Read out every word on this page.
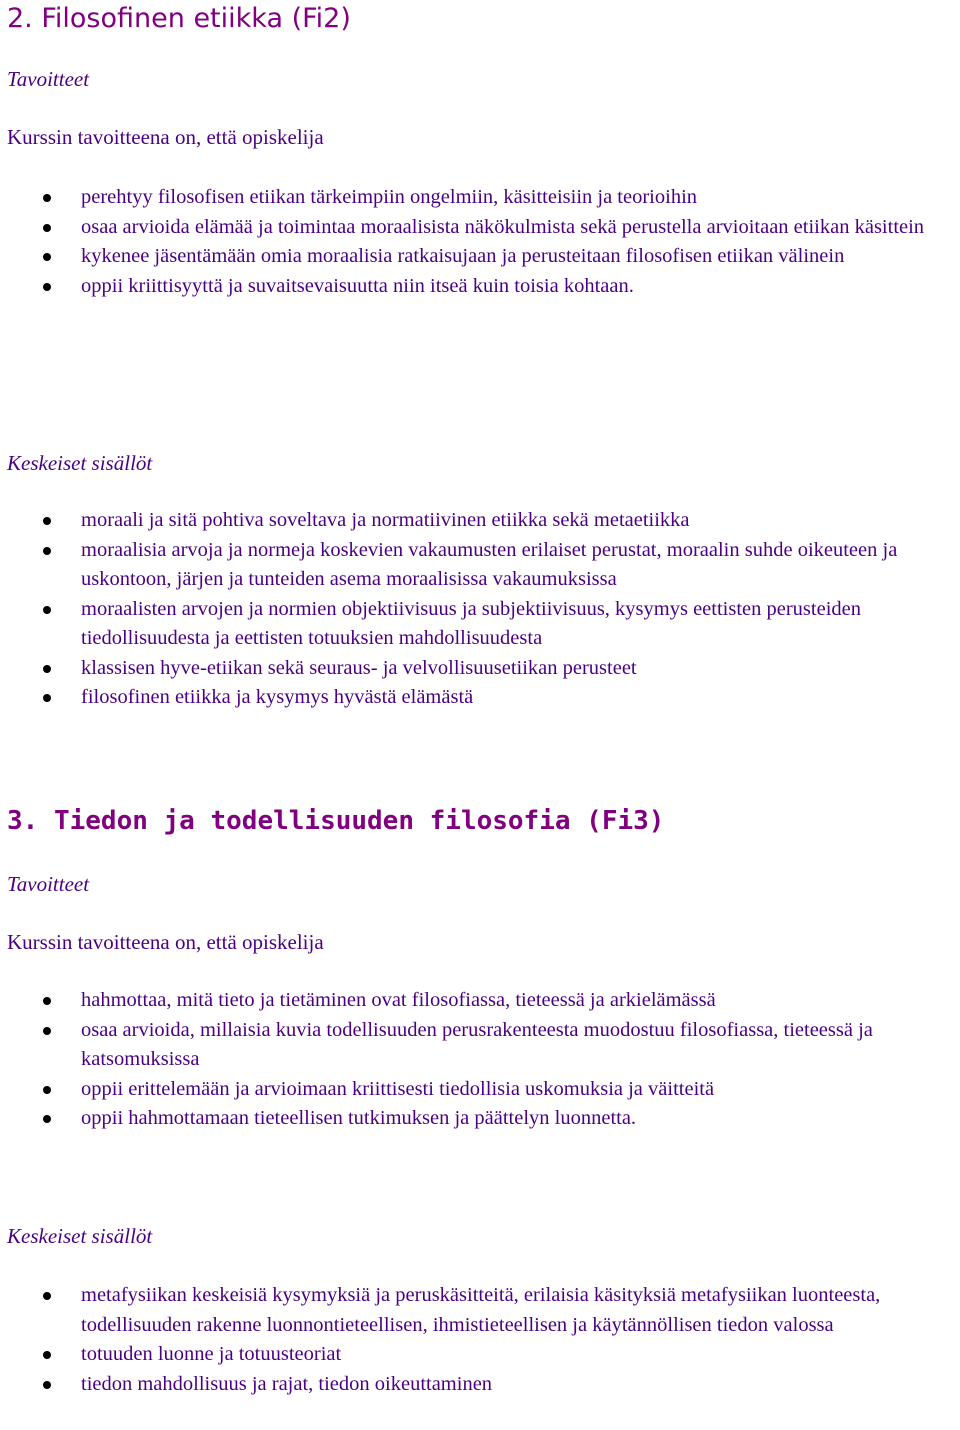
2. Filosofinen etiikka (Fi2)

Tavoitteet

Kurssin tavoitteena on, että opiskelija

perehtyy filosofisen etiikan tärkeimpiin ongelmiin, käsitteisiin ja teorioihin
osaa arvioida elämää ja toimintaa moraalisista näkökulmista sekä perustella arvioitaan etiikan käsittein
kykenee jäsentämään omia moraalisia ratkaisujaan ja perusteitaan filosofisen etiikan välinein
oppii kriittisyyttä ja suvaitsevaisuutta niin itseä kuin toisia kohtaan.

Keskeiset sisällöt

moraali ja sitä pohtiva soveltava ja normatiivinen etiikka sekä metaetiikka
moraalisia arvoja ja normeja koskevien vakaumusten erilaiset perustat, moraalin suhde oikeuteen ja uskontoon, järjen ja tunteiden asema moraalisissa vakaumuksissa
moraalisten arvojen ja normien objektiivisuus ja subjektiivisuus, kysymys eettisten perusteiden tiedollisuudesta ja eettisten totuuksien mahdollisuudesta
klassisen hyve-etiikan sekä seuraus- ja velvollisuusetiikan perusteet
filosofinen etiikka ja kysymys hyvästä elämästä
3. Tiedon ja todellisuuden filosofia (Fi3)

Tavoitteet

Kurssin tavoitteena on, että opiskelija

hahmottaa, mitä tieto ja tietäminen ovat filosofiassa, tieteessä ja arkielämässä
osaa arvioida, millaisia kuvia todellisuuden perusrakenteesta muodostuu filosofiassa, tieteessä ja katsomuksissa
oppii erittelemään ja arvioimaan kriittisesti tiedollisia uskomuksia ja väitteitä
oppii hahmottamaan tieteellisen tutkimuksen ja päättelyn luonnetta.

Keskeiset sisällöt

metafysiikan keskeisiä kysymyksiä ja peruskäsitteitä, erilaisia käsityksiä metafysiikan luonteesta, todellisuuden rakenne luonnontieteellisen, ihmistieteellisen ja käytännöllisen tiedon valossa
totuuden luonne ja totuusteoriat
tiedon mahdollisuus ja rajat, tiedon oikeuttaminen
